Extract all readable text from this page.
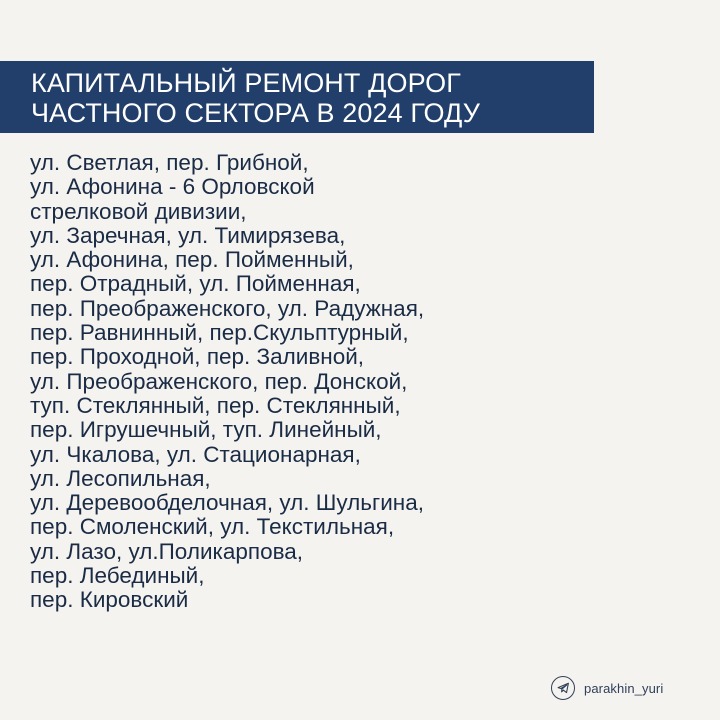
КАПИТАЛЬНЫЙ РЕМОНТ ДОРОГ
ЧАСТНОГО СЕКТОРА В 2024 ГОДУ
ул. Светлая, пер. Грибной,
ул. Афонина - 6 Орловской
стрелковой дивизии,
ул. Заречная, ул. Тимирязева,
ул. Афонина, пер. Пойменный,
пер. Отрадный, ул. Пойменная,
пер. Преображенского, ул. Радужная,
пер. Равнинный, пер.Скульптурный,
пер. Проходной, пер. Заливной,
ул. Преображенского, пер. Донской,
туп. Стеклянный, пер. Стеклянный,
пер. Игрушечный, туп. Линейный,
ул. Чкалова, ул. Стационарная,
ул. Лесопильная,
ул. Деревообделочная, ул. Шульгина,
пер. Смоленский, ул. Текстильная,
ул. Лазо, ул.Поликарпова,
пер. Лебединый,
пер. Кировский
parakhin_yuri
